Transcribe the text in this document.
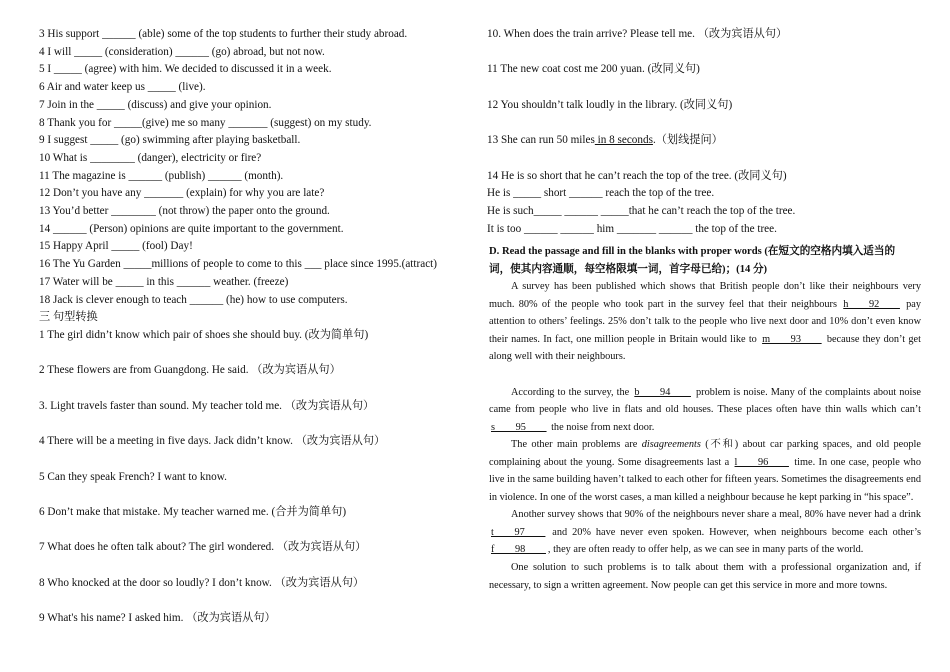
3 His support ______ (able) some of the top students to further their study abroad.
4 I will _____ (consideration) ______ (go) abroad, but not now.
5 I _____ (agree) with him. We decided to discussed it in a week.
6 Air and water keep us _____ (live).
7 Join in the _____ (discuss) and give your opinion.
8 Thank you for _____(give) me so many _______ (suggest) on my study.
9 I suggest _____ (go) swimming after playing basketball.
10 What is ________ (danger), electricity or fire?
11 The magazine is ______ (publish) ______ (month).
12 Don’t you have any _______ (explain) for why you are late?
13 You’d better ________ (not throw) the paper onto the ground.
14 ______ (Person) opinions are quite important to the government.
15 Happy April _____ (fool) Day!
16 The Yu Garden _____millions of people to come to this ___ place since 1995.(attract)
17 Water will be _____ in this ______ weather. (freeze)
18 Jack is clever enough to teach ______ (he) how to use computers.
三 句型转换
1 The girl didn’t know which pair of shoes she should buy. (改为简单句)
2 These flowers are from Guangdong. He said. （改为宾语从句）
3. Light travels faster than sound. My teacher told me. （改为宾语从句）
4 There will be a meeting in five days. Jack didn’t know. （改为宾语从句）
5 Can they speak French? I want to know.
6 Don’t make that mistake. My teacher warned me. (合并为简单句)
7 What does he often talk about? The girl wondered. （改为宾语从句）
8 Who knocked at the door so loudly? I don’t know. （改为宾语从句）
9 What's his name? I asked him. （改为宾语从句）
10. When does the train arrive? Please tell me. （改为宾语从句）
11 The new coat cost me 200 yuan. (改同义句)
12 You shouldn’t talk loudly in the library. (改同义句)
13 She can run 50 miles in 8 seconds.（划线提问）
14 He is so short that he can’t reach the top of the tree. (改同义句)
He is _____ short ______ reach the top of the tree.
He is such_____ ______ _____that he can’t reach the top of the tree.
It is too ______ ______ him _______ ______ the top of the tree.
D. Read the passage and fill in the blanks with proper words (在短文的空格内填入适当的
词，使其内容通顺，每空格限填一词，首字母已给)；(14 分)

A survey has been published which shows that British people don’t like their neighbours very much. 80% of the people who took part in the survey feel that their neighbours h____92____ pay attention to others’ feelings. 25% don’t talk to the people who live next door and 10% don’t even know their names. In fact, one million people in Britain would like to m____93____ because they don’t get along well with their neighbours.

According to the survey, the b____94____ problem is noise. Many of the complaints about noise came from people who live in flats and old houses. These places often have thin walls which can’t s____95____ the noise from next door.

The other main problems are disagreements (不和) about car parking spaces, and old people complaining about the young. Some disagreements last a l____96____ time. In one case, people who live in the same building haven’t talked to each other for fifteen years. Sometimes the disagreements end in violence. In one of the worst cases, a man killed a neighbour because he kept parking in “his space”.

Another survey shows that 90% of the neighbours never share a meal, 80% have never had a drink t____97____ and 20% have never even spoken. However, when neighbours become each other’s f____98____ , they are often ready to offer help, as we can see in many parts of the world.

One solution to such problems is to talk about them with a professional organization and, if necessary, to sign a written agreement. Now people can get this service in more and more towns.
